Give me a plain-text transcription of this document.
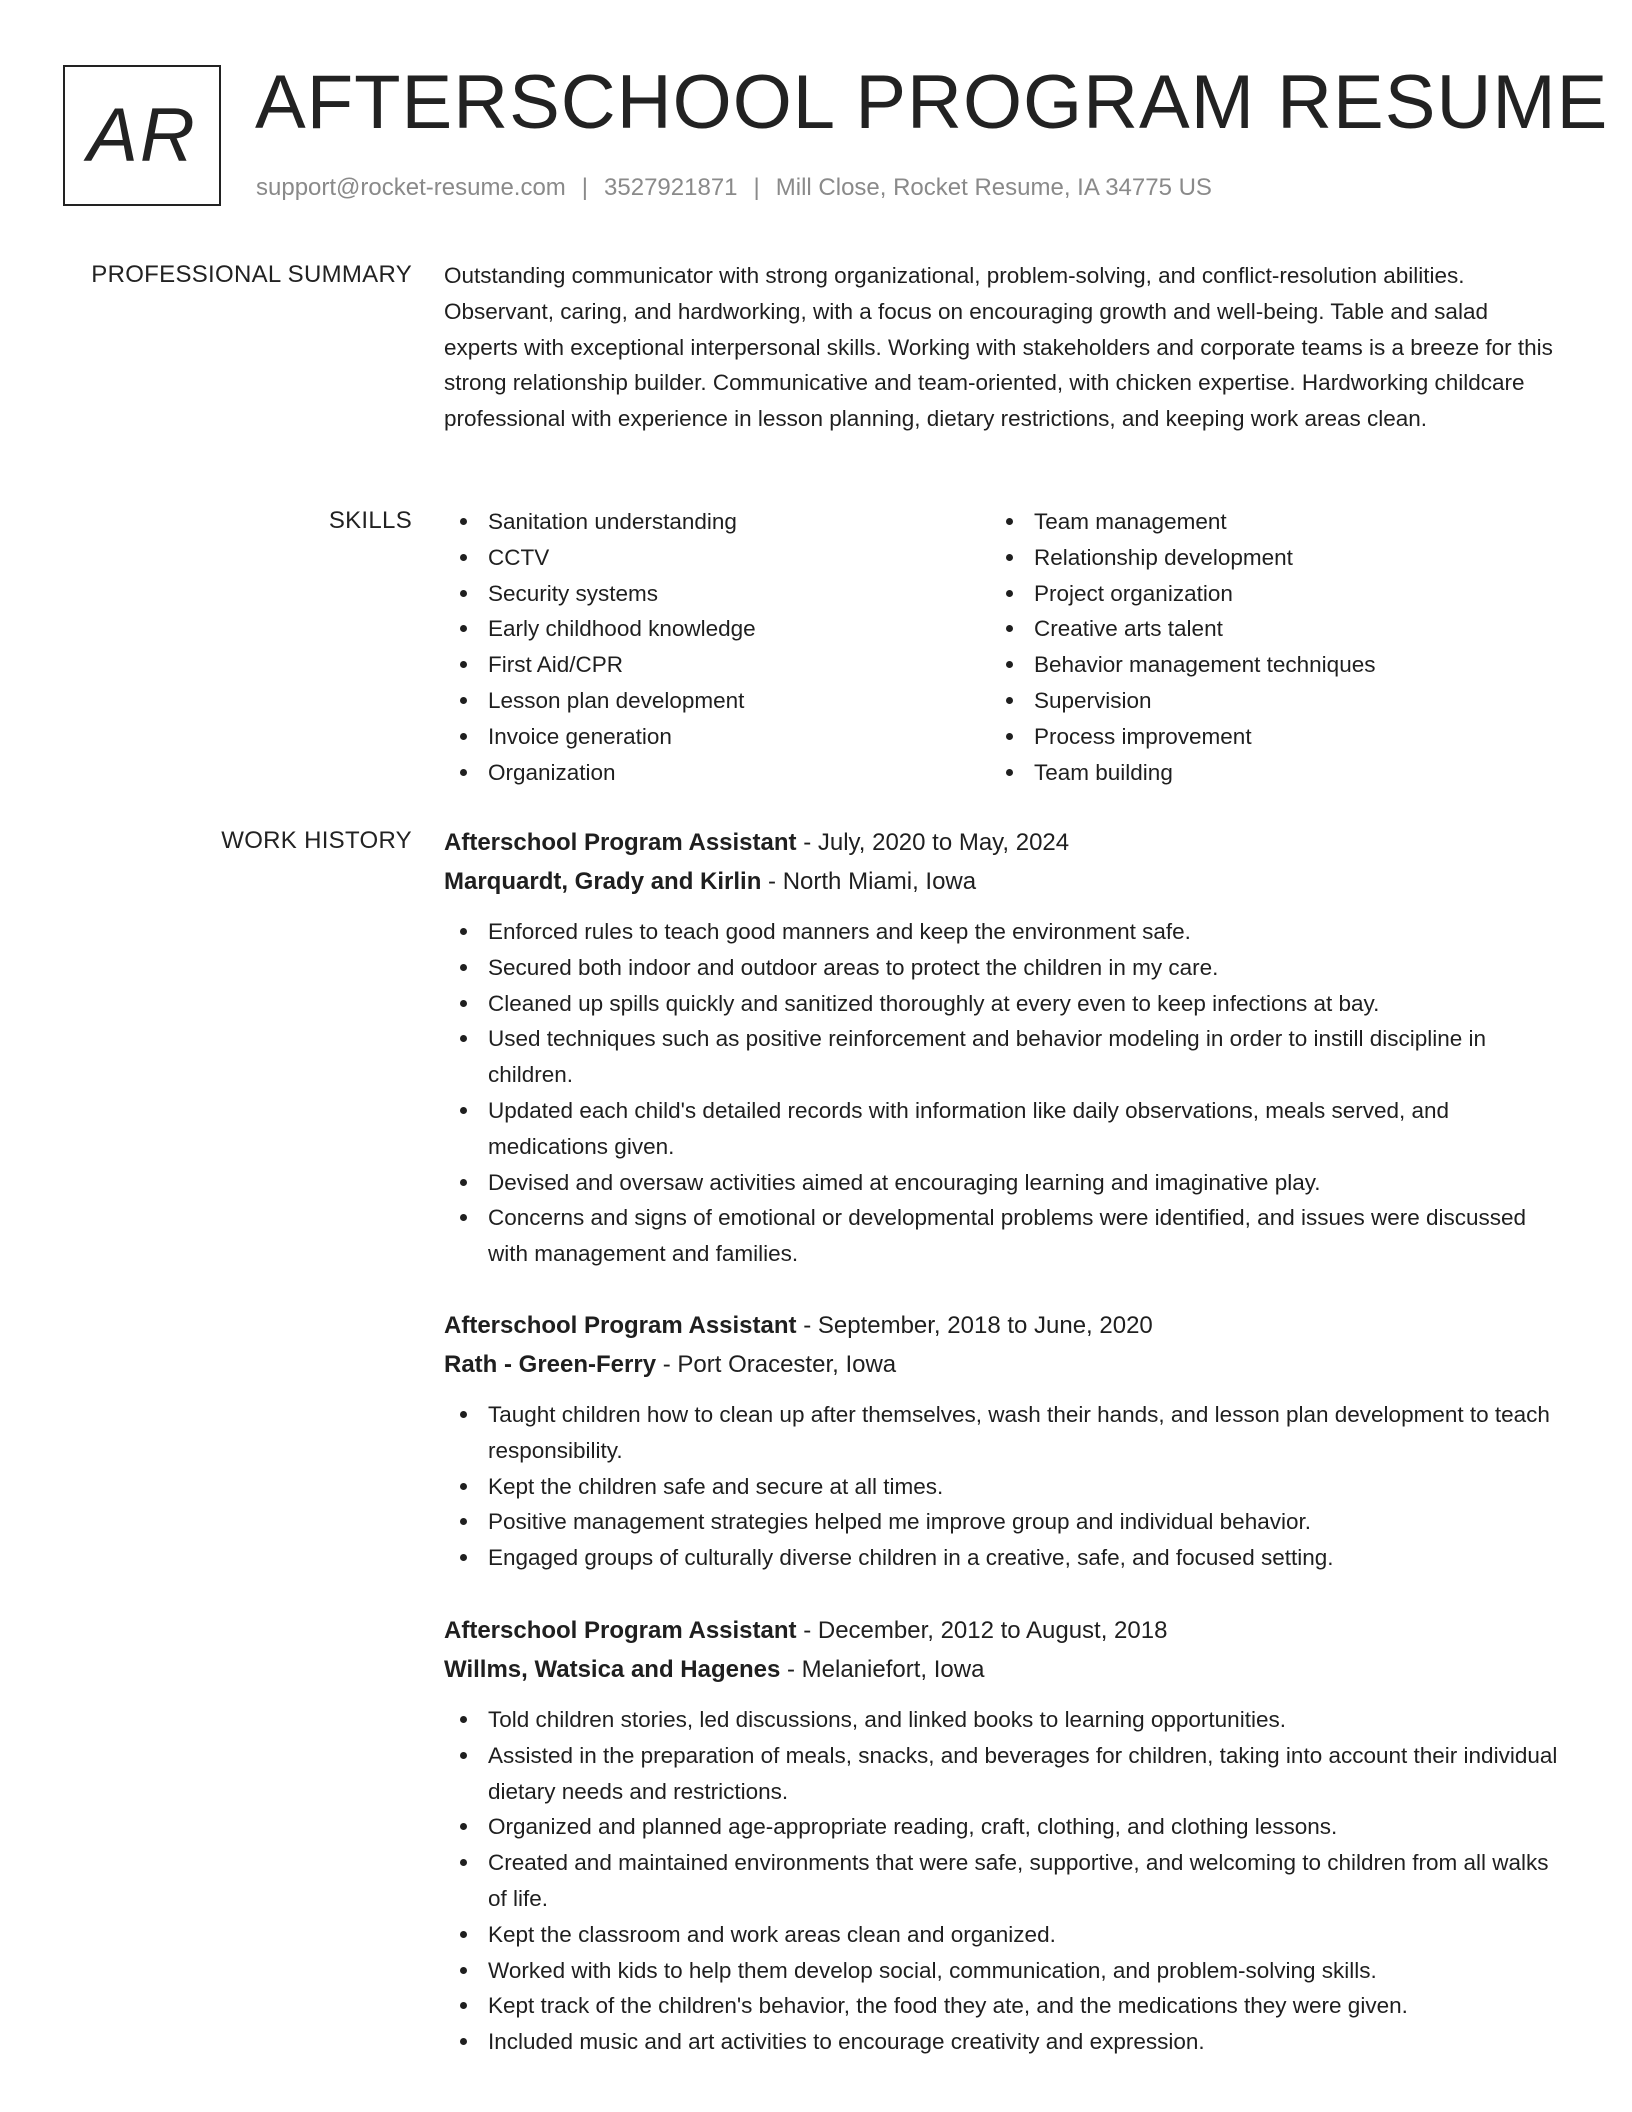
AR AFTERSCHOOL PROGRAM RESUME
support@rocket-resume.com | 3527921871 | Mill Close, Rocket Resume, IA 34775 US
PROFESSIONAL SUMMARY Outstanding communicator with strong organizational, problem-solving, and conflict-resolution abilities. Observant, caring, and hardworking, with a focus on encouraging growth and well-being. Table and salad experts with exceptional interpersonal skills. Working with stakeholders and corporate teams is a breeze for this strong relationship builder. Communicative and team-oriented, with chicken expertise. Hardworking childcare professional with experience in lesson planning, dietary restrictions, and keeping work areas clean.

SKILLS	Sanitation understanding
CCTV
Security systems
Early childhood knowledge
First Aid/CPR
Lesson plan development
Invoice generation
Organization
Team management
Relationship development
Project organization
Creative arts talent
Behavior management techniques
Supervision
Process improvement
Team building
WORK HISTORY Afterschool Program Assistant - July, 2020 to May, 2024
Marquardt, Grady and Kirlin - North Miami, Iowa
Enforced rules to teach good manners and keep the environment safe.
Secured both indoor and outdoor areas to protect the children in my care.
Cleaned up spills quickly and sanitized thoroughly at every even to keep infections at bay.
Used techniques such as positive reinforcement and behavior modeling in order to instill discipline in children.
Updated each child's detailed records with information like daily observations, meals served, and medications given.
Devised and oversaw activities aimed at encouraging learning and imaginative play.
Concerns and signs of emotional or developmental problems were identified, and issues were discussed with management and families.
Afterschool Program Assistant - September, 2018 to June, 2020
Rath - Green-Ferry - Port Oracester, Iowa
Taught children how to clean up after themselves, wash their hands, and lesson plan development to teach responsibility.
Kept the children safe and secure at all times.
Positive management strategies helped me improve group and individual behavior.
Engaged groups of culturally diverse children in a creative, safe, and focused setting.
Afterschool Program Assistant - December, 2012 to August, 2018
Willms, Watsica and Hagenes - Melaniefort, Iowa
Told children stories, led discussions, and linked books to learning opportunities.
Assisted in the preparation of meals, snacks, and beverages for children, taking into account their individual dietary needs and restrictions.
Organized and planned age-appropriate reading, craft, clothing, and clothing lessons.
Created and maintained environments that were safe, supportive, and welcoming to children from all walks of life.
Kept the classroom and work areas clean and organized.
Worked with kids to help them develop social, communication, and problem-solving skills.
Kept track of the children's behavior, the food they ate, and the medications they were given.
Included music and art activities to encourage creativity and expression.
